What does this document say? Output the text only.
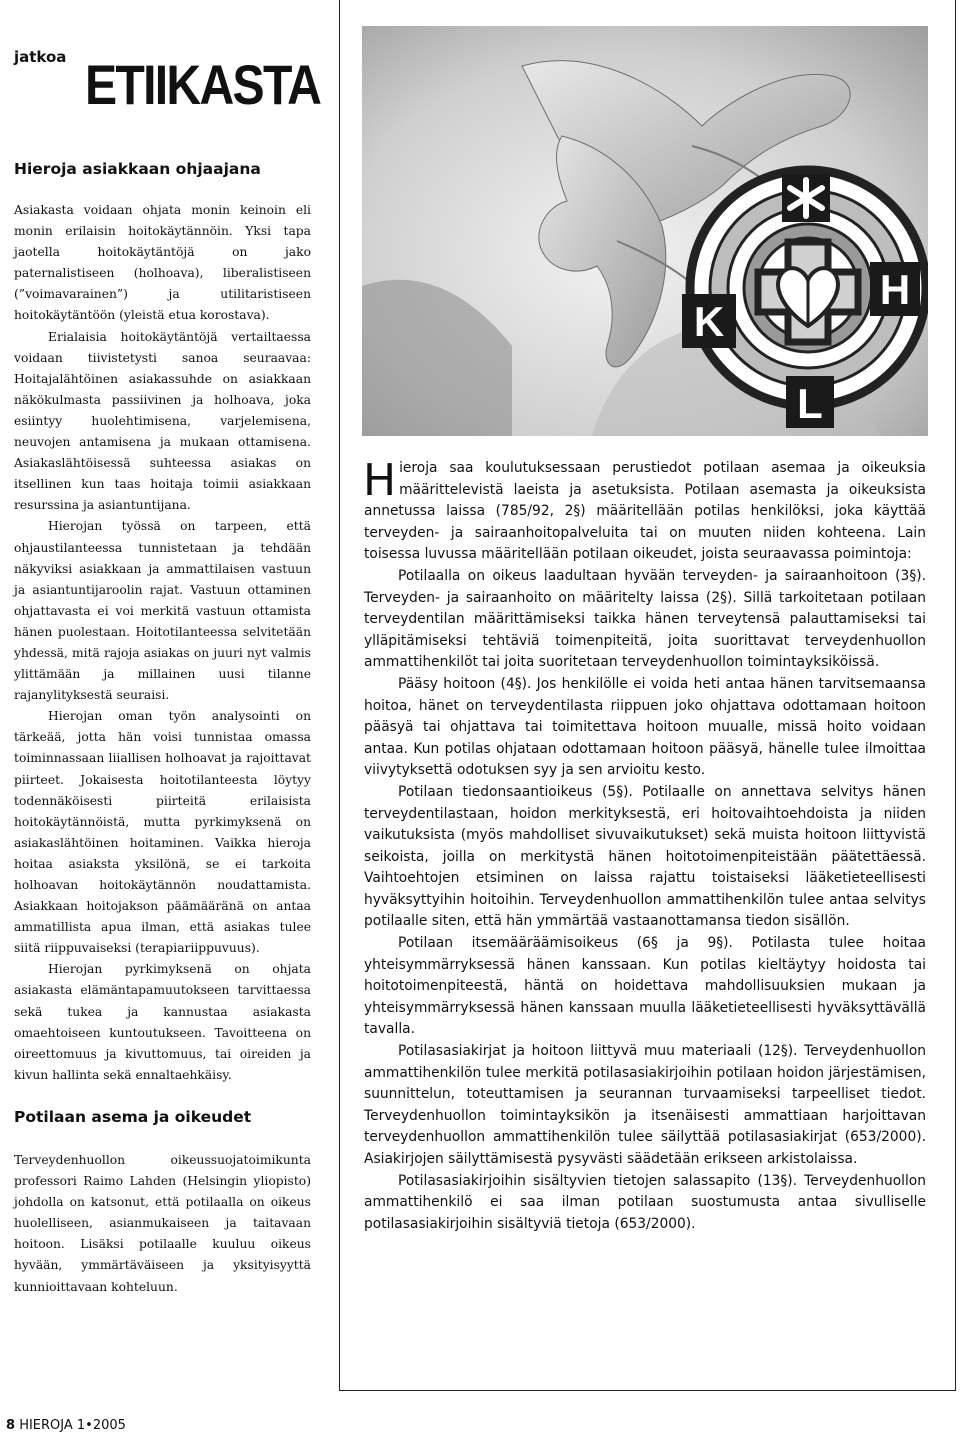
jatkoa ETIIKASTA
Hieroja asiakkaan ohjaajana

Asiakasta voidaan ohjata monin keinoin eli monin erilaisin hoitokäytännöin. Yksi tapa jaotella hoitokäytäntöjä on jako paternalistiseen (holhoava), liberalistiseen (”voimavarainen”) ja utilitaristiseen hoitokäytäntöön (yleistä etua korostava).

Erialaisia hoitokäytäntöjä vertailtaessa voidaan tiivistetysti sanoa seuraavaa: Hoitajalähtöinen asiakassuhde on asiakkaan näkökulmasta passiivinen ja holhoava, joka esiintyy huolehtimisena, varjelemisena, neuvojen antamisena ja mukaan ottamisena. Asiakaslähtöisessä suhteessa asiakas on itsellinen kun taas hoitaja toimii asiakkaan resurssina ja asiantuntijana.

Hierojan työssä on tarpeen, että ohjaustilanteessa tunnistetaan ja tehdään näkyviksi asiakkaan ja ammattilaisen vastuun ja asiantuntijaroolin rajat. Vastuun ottaminen ohjattavasta ei voi merkitä vastuun ottamista hänen puolestaan. Hoitotilanteessa selvitetään yhdessä, mitä rajoja asiakas on juuri nyt valmis ylittämään ja millainen uusi tilanne rajanylityksestä seuraisi.

Hierojan oman työn analysointi on tärkeää, jotta hän voisi tunnistaa omassa toiminnassaan liiallisen holhoavat ja rajoittavat piirteet. Jokaisesta hoitotilanteesta löytyy todennäköisesti piirteitä erilaisista hoitokäytännöistä, mutta pyrkimyksenä on asiakaslähtöinen hoitaminen. Vaikka hieroja hoitaa asiaksta yksilönä, se ei tarkoita holhoavan hoitokäytännön noudattamista. Asiakkaan hoitojakson päämääränä on antaa ammatillista apua ilman, että asiakas tulee siitä riippuvaiseksi (terapiariippuvuus).

Hierojan pyrkimyksenä on ohjata asiakasta elämäntapamuutokseen tarvittaessa sekä tukea ja kannustaa asiakasta omaehtoiseen kuntoutukseen. Tavoitteena on oireettomuus ja kivuttomuus, tai oireiden ja kivun hallinta sekä ennaltaehkäisy.

Potilaan asema ja oikeudet

Terveydenhuollon oikeussuojatoimikunta professori Raimo Lahden (Helsingin yliopisto) johdolla on katsonut, että potilaalla on oikeus huolelliseen, asianmukaiseen ja taitavaan hoitoon. Lisäksi potilaalle kuuluu oikeus hyvään, ymmärtäväiseen ja yksityisyyttä kunnioittavaan kohteluun.

K
H
L

Hieroja saa koulutuksessaan perustiedot potilaan asemaa ja oikeuksia määrittelevistä laeista ja asetuksista. Potilaan asemasta ja oikeuksista annetussa laissa (785/92, 2§) määritellään potilas henkilöksi, joka käyttää terveyden- ja sairaanhoitopalveluita tai on muuten niiden kohteena. Lain toisessa luvussa määritellään potilaan oikeudet, joista seuraavassa poimintoja:

Potilaalla on oikeus laadultaan hyvään terveyden- ja sairaanhoitoon (3§). Terveyden- ja sairaanhoito on määritelty laissa (2§). Sillä tarkoitetaan potilaan terveydentilan määrittämiseksi taikka hänen terveytensä palauttamiseksi tai ylläpitämiseksi tehtäviä toimenpiteitä, joita suorittavat terveydenhuollon ammattihenkilöt tai joita suoritetaan terveydenhuollon toimintayksiköissä.

Pääsy hoitoon (4§). Jos henkilölle ei voida heti antaa hänen tarvitsemaansa hoitoa, hänet on terveydentilasta riippuen joko ohjattava odottamaan hoitoon pääsyä tai ohjattava tai toimitettava hoitoon muualle, missä hoito voidaan antaa. Kun potilas ohjataan odottamaan hoitoon pääsyä, hänelle tulee ilmoittaa viivytyksettä odotuksen syy ja sen arvioitu kesto.

Potilaan tiedonsaantioikeus (5§). Potilaalle on annettava selvitys hänen terveydentilastaan, hoidon merkityksestä, eri hoitovaihtoehdoista ja niiden vaikutuksista (myös mahdolliset sivuvaikutukset) sekä muista hoitoon liittyvistä seikoista, joilla on merkitystä hänen hoitotoimenpiteistään päätettäessä. Vaihtoehtojen etsiminen on laissa rajattu toistaiseksi lääketieteellisesti hyväksyttyihin hoitoihin. Terveydenhuollon ammattihenkilön tulee antaa selvitys potilaalle siten, että hän ymmärtää vastaanottamansa tiedon sisällön.

Potilaan itsemääräämisoikeus (6§ ja 9§). Potilasta tulee hoitaa yhteisymmärryksessä hänen kanssaan. Kun potilas kieltäytyy hoidosta tai hoitotoimenpiteestä, häntä on hoidettava mahdollisuuksien mukaan ja yhteisymmärryksessä hänen kanssaan muulla lääketieteellisesti hyväksyttävällä tavalla.

Potilasasiakirjat ja hoitoon liittyvä muu materiaali (12§). Terveydenhuollon ammattihenkilön tulee merkitä potilasasiakirjoihin potilaan hoidon järjestämisen, suunnittelun, toteuttamisen ja seurannan turvaamiseksi tarpeelliset tiedot. Terveydenhuollon toimintayksikön ja itsenäisesti ammattiaan harjoittavan terveydenhuollon ammattihenkilön tulee säilyttää potilasasiakirjat (653/2000). Asiakirjojen säilyttämisestä pysyvästi säädetään erikseen arkistolaissa.

Potilasasiakirjoihin sisältyvien tietojen salassapito (13§). Terveydenhuollon ammattihenkilö ei saa ilman potilaan suostumusta antaa sivulliselle potilasasiakirjoihin sisältyviä tietoja (653/2000).

8 HIEROJA 1•2005
